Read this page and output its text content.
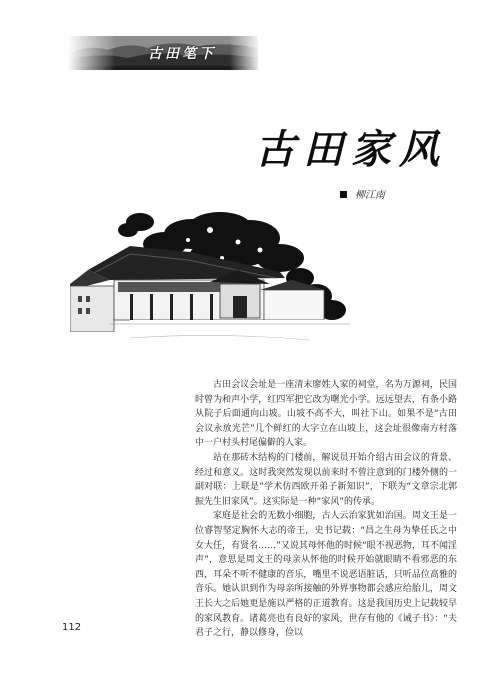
古田笔下
古田家风
柳江南

古田会议会址是一座清末廖姓人家的祠堂，名为万源祠，民国时曾为和声小学，红四军把它改为曙光小学。远远望去，有条小路从院子后面通向山坡。山坡不高不大，叫社下山。如果不是“古田会议永放光芒”几个鲜红的大字立在山坡上，这会址很像南方村落中一户村头村尾偏僻的人家。

站在那砖木结构的门楼前，解说员开始介绍古田会议的背景、经过和意义。这时我突然发现以前来时不曾注意到的门楼外侧的一副对联：上联是“学术仿西欧开弟子新知识”，下联为“文章宗北郭振先生旧家风”。这实际是一种“家风”的传承。

家庭是社会的无数小细胞，古人云治家犹如治国。周文王是一位睿智坚定胸怀大志的帝王，史书记载：“昌之生母为挚任氏之中女大任，有贤名……”又说其母怀他的时候“眼不视恶物，耳不闻淫声”，意思是周文王的母亲从怀他的时候开始就眼睛不看邪恶的东西，耳朵不听不健康的音乐，嘴里不说恶语脏话，只听品位高雅的音乐。她认识到作为母亲所接触的外界事物都会感应给胎儿，周文王长大之后她更是施以严格的正道教育。这是我国历史上记载较早的家风教育。诸葛亮也有良好的家风，世存有他的《诫子书》：“夫君子之行，静以修身，俭以

112
